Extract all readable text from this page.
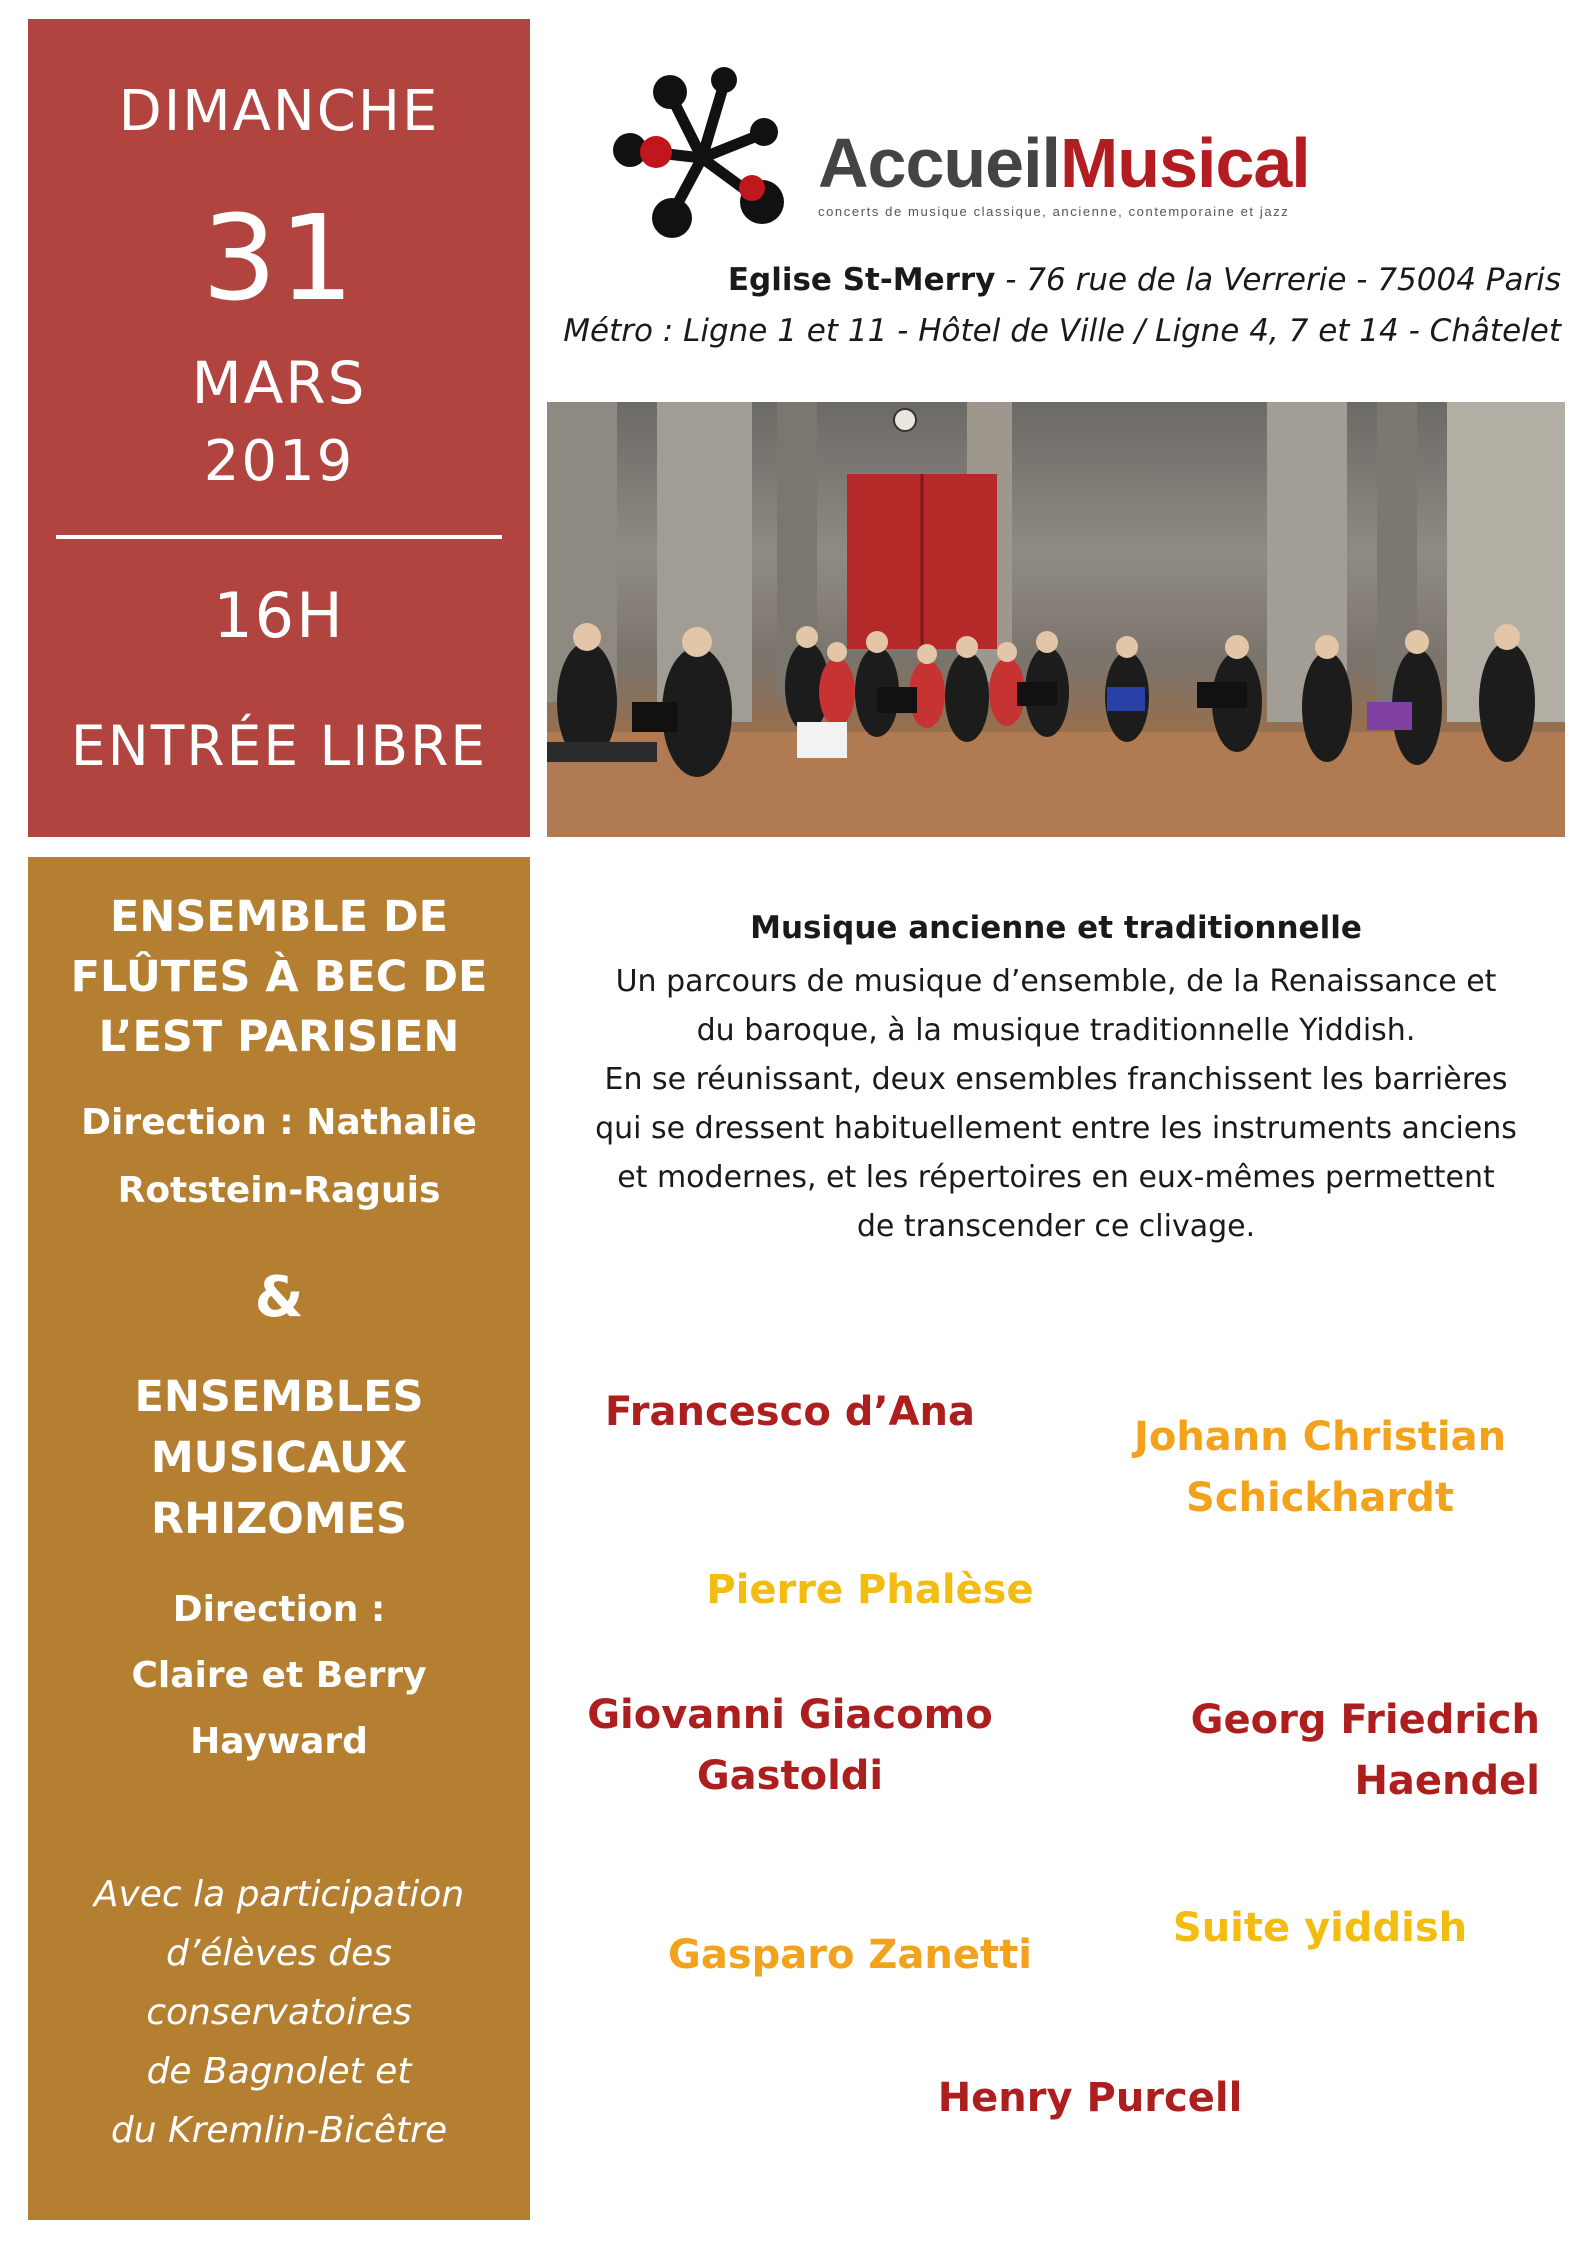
DIMANCHE
31
MARS
2019
16H
ENTRÉE LIBRE
AccueilMusical
concerts de musique classique, ancienne, contemporaine et jazz
Eglise St-Merry - 76 rue de la Verrerie - 75004 Paris
Métro : Ligne 1 et 11 - Hôtel de Ville / Ligne 4, 7 et 14 - Châtelet
ENSEMBLE DE
FLÛTES À BEC DE
L’EST PARISIEN
Direction : Nathalie
Rotstein-Raguis
&
ENSEMBLES
MUSICAUX
RHIZOMES
Direction :
Claire et Berry
Hayward
Avec la participation
d’élèves des
conservatoires
de Bagnolet et
du Kremlin-Bicêtre
Musique ancienne et traditionnelle
Un parcours de musique d’ensemble, de la Renaissance et
du baroque, à la musique traditionnelle Yiddish.
En se réunissant, deux ensembles franchissent les barrières
qui se dressent habituellement entre les instruments anciens
et modernes, et les répertoires en eux-mêmes permettent
de transcender ce clivage.
Francesco d’Ana
Johann Christian
Schickhardt
Pierre Phalèse
Giovanni Giacomo
Gastoldi
Georg Friedrich
Haendel
Suite yiddish
Gasparo Zanetti
Henry Purcell
